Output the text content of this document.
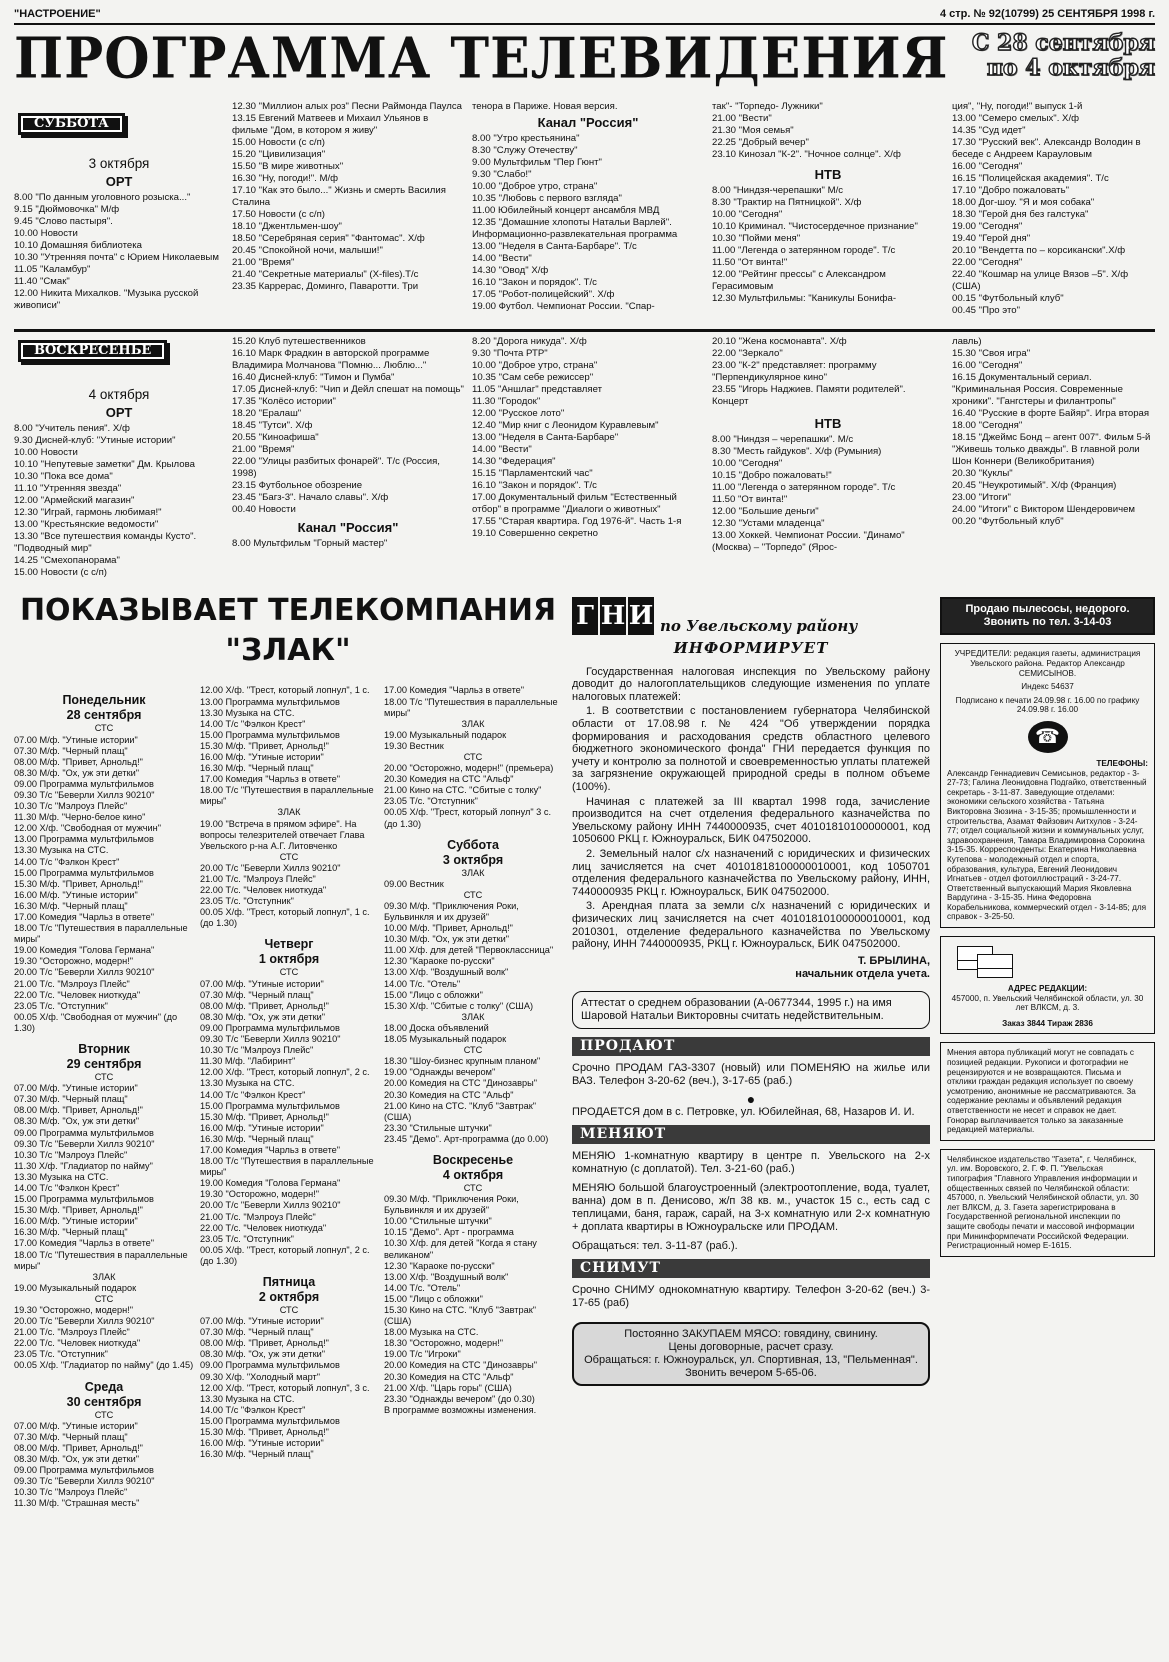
"НАСТРОЕНИЕ"	4 стр. № 92(10799) 25 СЕНТЯБРЯ 1998 г.
ПРОГРАММА ТЕЛЕВИДЕНИЯ С 28 сентября
по 4 октября
СУББОТА
3 октября
ОРТ
8.00 "По данным уголовного розыска..."
9.15 "Дюймовочка" М/ф
9.45 "Слово пастыря".
10.00 Новости
10.10 Домашняя библиотека
10.30 "Утренняя почта" с Юрием Николаевым
11.05 "Каламбур"
11.40 "Смак"
12.00 Никита Михалков. "Музыка русской живописи"
12.30 "Миллион алых роз" Песни Раймонда Паулса
13.15 Евгений Матвеев и Михаил Ульянов в фильме "Дом, в котором я живу"
15.00 Новости (с с/п)
15.20 "Цивилизация"
15.50 "В мире животных"
16.30 "Ну, погоди!". М/ф
17.10 "Как это было..." Жизнь и смерть Василия Сталина
17.50 Новости (с с/п)
18.10 "Джентльмен-шоу"
18.50 "Серебряная серия" "Фантомас". Х/ф
20.45 "Спокойной ночи, малыши!"
21.00 "Время"
21.40 "Секретные материалы" (X-files).Т/с
23.35 Каррерас, Доминго, Паваротти. Три
тенора в Париже. Новая версия.
Канал "Россия"
8.00 "Утро крестьянина"
8.30 "Служу Отечеству"
9.00 Мультфильм "Пер Гюнт"
9.30 "Слабо!"
10.00 "Доброе утро, страна"
10.35 "Любовь с первого взгляда"
11.00 Юбилейный концерт ансамбля МВД
12.35 "Домашние хлопоты Натальи Варлей". Информационно-развлекательная программа
13.00 "Неделя в Санта-Барбаре". Т/с
14.00 "Вести"
14.30 "Овод" Х/ф
16.10 "Закон и порядок". Т/с
17.05 "Робот-полицейский". Х/ф
19.00 Футбол. Чемпионат России. "Спар-
так"- "Торпедо- Лужники"
21.00 "Вести"
21.30 "Моя семья"
22.25 "Добрый вечер"
23.10 Кинозал "К-2". "Ночное солнце". Х/ф
НТВ
8.00 "Ниндзя-черепашки" М/с
8.30 "Трактир на Пятницкой". Х/ф
10.00 "Сегодня"
10.10 Криминал. "Чистосердечное признание"
10.30 "Пойми меня"
11.00 "Легенда о затерянном городе". Т/с
11.50 "От винта!"
12.00 "Рейтинг прессы" с Александром Герасимовым
12.30 Мультфильмы: "Каникулы Бонифа-
ция", "Ну, погоди!" выпуск 1-й
13.00 "Семеро смелых". Х/ф
14.35 "Суд идет"
17.30 "Русский век". Александр Володин в беседе с Андреем Карауловым
16.00 "Сегодня"
16.15 "Полицейская академия". Т/с
17.10 "Добро пожаловать"
18.00 Дог-шоу. "Я и моя собака"
18.30 "Герой дня без галстука"
19.00 "Сегодня"
19.40 "Герой дня"
20.10 "Вендетта по – корсикански".Х/ф
22.00 "Сегодня"
22.40 "Кошмар на улице Вязов –5". Х/ф (США)
00.15 "Футбольный клуб"
00.45 "Про это"
ВОСКРЕСЕНЬЕ
4 октября
ОРТ
8.00 "Учитель пения". Х/ф
9.30 Дисней-клуб: "Утиные истории"
10.00 Новости
10.10 "Непутевые заметки" Дм. Крылова
10.30 "Пока все дома"
11.10 "Утренняя звезда"
12.00 "Армейский магазин"
12.30 "Играй, гармонь любимая!"
13.00 "Крестьянские ведомости"
13.30 "Все путешествия команды Кусто". "Подводный мир"
14.25 "Смехопанорама"
15.00 Новости (с с/п)
15.20 Клуб путешественников
16.10 Марк Фрадкин в авторской программе Владимира Молчанова "Помню... Люблю..."
16.40 Дисней-клуб: "Тимон и Пумба"
17.05 Дисней-клуб: "Чип и Дейл спешат на помощь"
17.35 "Колёсо истории"
18.20 "Ералаш"
18.45 "Тутси". Х/ф
20.55 "Киноафиша"
21.00 "Время"
22.00 "Улицы разбитых фонарей". Т/с (Россия, 1998)
23.15 Футбольное обозрение
23.45 "Багз-3". Начало славы". Х/ф
00.40 Новости
Канал "Россия"
8.00 Мультфильм "Горный мастер"
8.20 "Дорога никуда". Х/ф
9.30 "Почта РТР"
10.00 "Доброе утро, страна"
10.35 "Сам себе режиссер"
11.05 "Аншлаг" представляет
11.30 "Городок"
12.00 "Русское лото"
12.40 "Мир книг с Леонидом Куравлевым"
13.00 "Неделя в Санта-Барбаре"
14.00 "Вести"
14.30 "Федерация"
15.15 "Парламентский час"
16.10 "Закон и порядок". Т/с
17.00 Документальный фильм "Естественный отбор" в программе "Диалоги о животных"
17.55 "Старая квартира. Год 1976-й". Часть 1-я
19.10 Совершенно секретно
20.10 "Жена космонавта". Х/ф
22.00 "Зеркало"
23.00 "К-2" представляет: программу "Перпендикулярное кино"
23.55 "Игорь Наджиев. Памяти родителей". Концерт
НТВ
8.00 "Ниндзя – черепашки". М/с
8.30 "Месть гайдуков". Х/ф (Румыния)
10.00 "Сегодня"
10.15 "Добро пожаловать!"
11.00 "Легенда о затерянном городе". Т/с
11.50 "От винта!"
12.00 "Большие деньги"
12.30 "Устами младенца"
13.00 Хоккей. Чемпионат России. "Динамо" (Москва) – "Торпедо" (Ярос-
лавль)
15.30 "Своя игра"
16.00 "Сегодня"
16.15 Документальный сериал. "Криминальная Россия. Современные хроники". "Гангстеры и филантропы"
16.40 "Русские в форте Байяр". Игра вторая
18.00 "Сегодня"
18.15 "Джеймс Бонд – агент 007". Фильм 5-й "Живешь только дважды". В главной роли Шон Коннери (Великобритания)
20.30 "Куклы"
20.45 "Неукротимый". Х/ф (Франция)
23.00 "Итоги"
24.00 "Итоги" с Виктором Шендеровичем
00.20 "Футбольный клуб"
ПОКАЗЫВАЕТ ТЕЛЕКОМПАНИЯ
"ЗЛАК"
Понедельник
28 сентября
СТС
07.00 М/ф. "Утиные истории"
07.30 М/ф. "Черный плащ"
08.00 М/ф. "Привет, Арнольд!"
08.30 М/ф. "Ох, уж эти детки"
09.00 Программа мультфильмов
09.30 Т/с "Беверли Хиллз 90210"
10.30 Т/с "Мэлроуз Плейс"
11.30 М/ф. "Черно-белое кино"
12.00 Х/ф. "Свободная от мужчин"
13.00 Программа мультфильмов
13.30 Музыка на СТС.
14.00 Т/с "Фэлкон Крест"
15.00 Программа мультфильмов
15.30 М/ф. "Привет, Арнольд!"
16.00 М/ф. "Утиные истории"
16.30 М/ф. "Черный плащ"
17.00 Комедия "Чарльз в ответе"
18.00 Т/с "Путешествия в параллельные миры"
19.00 Комедия "Голова Германа"
19.30 "Осторожно, модерн!"
20.00 Т/с "Беверли Хиллз 90210"
21.00 Т/с. "Мэлроуз Плейс"
22.00 Т/с. "Человек ниоткуда"
23.05 Т/с. "Отступник"
00.05 Х/ф. "Свободная от мужчин" (до 1.30)
Вторник
29 сентября
СТС
07.00 М/ф. "Утиные истории"
07.30 М/ф. "Черный плащ"
08.00 М/ф. "Привет, Арнольд!"
08.30 М/ф. "Ох, уж эти детки"
09.00 Программа мультфильмов
09.30 Т/с "Беверли Хиллз 90210"
10.30 Т/с "Мэлроуз Плейс"
11.30 Х/ф. "Гладиатор по найму"
13.30 Музыка на СТС.
14.00 Т/с "Фэлкон Крест"
15.00 Программа мультфильмов
15.30 М/ф. "Привет, Арнольд!"
16.00 М/ф. "Утиные истории"
16.30 М/ф. "Черный плащ"
17.00 Комедия "Чарльз в ответе"
18.00 Т/с "Путешествия в параллельные миры"
ЗЛАК
19.00 Музыкальный подарок
СТС
19.30 "Осторожно, модерн!"
20.00 Т/с "Беверли Хиллз 90210"
21.00 Т/с. "Мэлроуз Плейс"
22.00 Т/с. "Человек ниоткуда"
23.05 Т/с. "Отступник"
00.05 Х/ф. "Гладиатор по найму" (до 1.45)
Среда
30 сентября
СТС
07.00 М/ф. "Утиные истории"
07.30 М/ф. "Черный плащ"
08.00 М/ф. "Привет, Арнольд!"
08.30 М/ф. "Ох, уж эти детки"
09.00 Программа мультфильмов
09.30 Т/с "Беверли Хиллз 90210"
10.30 Т/с "Мэлроуз Плейс"
11.30 М/ф. "Страшная месть"
12.00 Х/ф. "Трест, который лопнул", 1 с.
13.00 Программа мультфильмов
13.30 Музыка на СТС.
14.00 Т/с "Фэлкон Крест"
15.00 Программа мультфильмов
15.30 М/ф. "Привет, Арнольд!"
16.00 М/ф. "Утиные истории"
16.30 М/ф. "Черный плащ"
17.00 Комедия "Чарльз в ответе"
18.00 Т/с "Путешествия в параллельные миры"
ЗЛАК
19.00 "Встреча в прямом эфире". На вопросы телезрителей отвечает Глава Увельского р-на А.Г. Литовченко
СТС
20.00 Т/с "Беверли Хиллз 90210"
21.00 Т/с. "Мэлроуз Плейс"
22.00 Т/с. "Человек ниоткуда"
23.05 Т/с. "Отступник"
00.05 Х/ф. "Трест, который лопнул", 1 с.
(до 1.30)
Четверг
1 октября
СТС
07.00 М/ф. "Утиные истории"
07.30 М/ф. "Черный плащ"
08.00 М/ф. "Привет, Арнольд!"
08.30 М/ф. "Ох, уж эти детки"
09.00 Программа мультфильмов
09.30 Т/с "Беверли Хиллз 90210"
10.30 Т/с "Мэлроуз Плейс"
11.30 М/ф. "Лабиринт"
12.00 Х/ф. "Трест, который лопнул", 2 с.
13.30 Музыка на СТС.
14.00 Т/с "Фэлкон Крест"
15.00 Программа мультфильмов
15.30 М/ф. "Привет, Арнольд!"
16.00 М/ф. "Утиные истории"
16.30 М/ф. "Черный плащ"
17.00 Комедия "Чарльз в ответе"
18.00 Т/с "Путешествия в параллельные миры"
19.00 Комедия "Голова Германа"
19.30 "Осторожно, модерн!"
20.00 Т/с "Беверли Хиллз 90210"
21.00 Т/с. "Мэлроуз Плейс"
22.00 Т/с. "Человек ниоткуда"
23.05 Т/с. "Отступник"
00.05 Х/ф. "Трест, который лопнул", 2 с.
(до 1.30)
Пятница
2 октября
СТС
07.00 М/ф. "Утиные истории"
07.30 М/ф. "Черный плащ"
08.00 М/ф. "Привет, Арнольд!"
08.30 М/ф. "Ох, уж эти детки"
09.00 Программа мультфильмов
09.30 Х/ф. "Холодный март"
12.00 Х/ф. "Трест, который лопнул", 3 с.
13.30 Музыка на СТС.
14.00 Т/с "Фэлкон Крест"
15.00 Программа мультфильмов
15.30 М/ф. "Привет, Арнольд!"
16.00 М/ф. "Утиные истории"
16.30 М/ф. "Черный плащ"
17.00 Комедия "Чарльз в ответе"
18.00 Т/с "Путешествия в параллельные миры"
ЗЛАК
19.00 Музыкальный подарок
19.30 Вестник
СТС
20.00 "Осторожно, модерн!" (премьера)
20.30 Комедия на СТС "Альф"
21.00 Кино на СТС. "Сбитые с толку"
23.05 Т/с. "Отступник"
00.05 Х/ф. "Трест, который лопнул" 3 с. (до 1.30)
Суббота
3 октября
ЗЛАК
09.00 Вестник
СТС
09.30 М/ф. "Приключения Роки, Бульвинкля и их друзей"
10.00 М/ф. "Привет, Арнольд!"
10.30 М/ф. "Ох, уж эти детки"
11.00 Х/ф. для детей "Первоклассница"
12.30 "Караоке по-русски"
13.00 Х/ф. "Воздушный волк"
14.00 Т/с. "Отель"
15.00 "Лицо с обложки"
15.30 Х/ф. "Сбитые с толку" (США)
ЗЛАК
18.00 Доска объявлений
18.05 Музыкальный подарок
СТС
18.30 "Шоу-бизнес крупным планом"
19.00 "Однажды вечером"
20.00 Комедия на СТС "Динозавры"
20.30 Комедия на СТС "Альф"
21.00 Кино на СТС. "Клуб "Завтрак" (США)
23.30 "Стильные штучки"
23.45 "Демо". Арт-программа (до 0.00)
Воскресенье
4 октября
СТС
09.30 М/ф. "Приключения Роки, Бульвинкля и их друзей"
10.00 "Стильные штучки"
10.15 "Демо". Арт - программа
10.30 Х/ф. для детей "Когда я стану великаном"
12.30 "Караоке по-русски"
13.00 Х/ф. "Воздушный волк"
14.00 Т/с. "Отель"
15.00 "Лицо с обложки"
15.30 Кино на СТС. "Клуб "Завтрак" (США)
18.00 Музыка на СТС.
18.30 "Осторожно, модерн!"
19.00 Т/с "Игроки"
20.00 Комедия на СТС "Динозавры"
20.30 Комедия на СТС "Альф"
21.00 Х/ф. "Царь горы" (США)
23.30 "Однажды вечером" (до 0.30)
В программе возможны изменения.
Г Н И по Увельскому району
ИНФОРМИРУЕТ

Государственная налоговая инспекция по Увельскому району доводит до налогоплательщиков следующие изменения по уплате налоговых платежей:

1. В соответствии с постановлением губернатора Челябинской области от 17.08.98 г. № 424 "Об утверждении порядка формирования и расходования средств областного целевого бюджетного экономического фонда" ГНИ передается функция по учету и контролю за полнотой и своевременностью уплаты платежей за загрязнение окружающей природной среды в полном объеме (100%).

Начиная с платежей за III квартал 1998 года, зачисление производится на счет отделения федерального казначейства по Увельскому району ИНН 7440000935, счет 40101810100000001, код 1050600 РКЦ г. Южноуральск, БИК 047502000.

2. Земельный налог с/х назначений с юридических и физических лиц зачисляется на счет 40101818100000010001, код 1050701 отделения федерального казначейства по Увельскому району, ИНН, 7440000935 РКЦ г. Южноуральск, БИК 047502000.

3. Арендная плата за земли с/х назначений с юридических и физических лиц зачисляется на счет 40101810100000010001, код 2010301, отделение федерального казначейства по Увельскому району, ИНН 7440000935, РКЦ г. Южноуральск, БИК 047502000.

Т. БРЫЛИНА,
начальник отдела учета.
Аттестат о среднем образовании (А-0677344, 1995 г.) на имя Шаровой Натальи Викторовны считать недействительным.
ПРОДАЮТ
Срочно ПРОДАМ ГАЗ-3307 (новый) или ПОМЕНЯЮ на жилье или ВАЗ. Телефон 3-20-62 (веч.), 3-17-65 (раб.)
●
ПРОДАЕТСЯ дом в с. Петровке, ул. Юбилейная, 68, Назаров И. И.
МЕНЯЮТ
МЕНЯЮ 1-комнатную квартиру в центре п. Увельского на 2-х комнатную (с доплатой). Тел. 3-21-60 (раб.)
МЕНЯЮ большой благоустроенный (электроотопление, вода, туалет, ванна) дом в п. Денисово, ж/п 38 кв. м., участок 15 с., есть сад с теплицами, баня, гараж, сарай, на 3-х комнатную или 2-х комнатную + доплата квартиры в Южноуральске или ПРОДАМ.
Обращаться: тел. 3-11-87 (раб.).
СНИМУТ
Срочно СНИМУ однокомнатную квартиру. Телефон 3-20-62 (веч.) 3-17-65 (раб)
Постоянно ЗАКУПАЕМ МЯСО: говядину, свинину.
Цены договорные, расчет сразу.
Обращаться: г. Южноуральск, ул. Спортивная, 13, "Пельменная". Звонить вечером 5-65-06.
Продаю пылесосы, недорого. Звонить по тел. 3-14-03
УЧРЕДИТЕЛИ: редакция газеты, администрация Увельского района. Редактор Александр СЕМИСЫНОВ.
Индекс 54637
Подписано к печати 24.09.98 г. 16.00 по графику 24.09.98 г. 16.00
☎
ТЕЛЕФОНЫ:
Александр Геннадиевич Семисынов, редактор - 3-27-73; Галина Леонидовна Подгайко, ответственный секретарь - 3-11-87. Заведующие отделами: экономики сельского хозяйства - Татьяна Викторовна Зюзина - 3-15-35; промышленности и строительства, Азамат Файзович Аитхулов - 3-24-77; отдел социальной жизни и коммунальных услуг, здравоохранения, Тамара Владимировна Сорокина 3-15-35. Корреспонденты: Екатерина Николаевна Кутепова - молодежный отдел и спорта, образования, культура, Евгений Леонидович Игнатьев - отдел фотоиллюстраций - 3-24-77. Ответственный выпускающий Мария Яковлевна Вардугина - 3-15-35. Нина Федоровна Корабельникова, коммерческий отдел - 3-14-85; для справок - 3-25-50.
АДРЕС РЕДАКЦИИ:
457000, п. Увельский Челябинской области, ул. 30 лет ВЛКСМ, д. 3.
Заказ 3844 Тираж 2836
Мнения автора публикаций могут не совпадать с позицией редакции. Рукописи и фотографии не рецензируются и не возвращаются. Письма и отклики граждан редакция использует по своему усмотрению, анонимные не рассматриваются. За содержание рекламы и объявлений редакция ответственности не несет и справок не дает. Гонорар выплачивается только за заказанные редакцией материалы.
Челябинское издательство "Газета", г. Челябинск, ул. им. Воровского, 2. Г. Ф. П. "Увельская типография "Главного Управления информации и общественных связей по Челябинской области: 457000, п. Увельский Челябинской области, ул. 30 лет ВЛКСМ, д. 3. Газета зарегистрирована в Государственной региональной инспекции по защите свободы печати и массовой информации при Мининформпечати Российской Федерации. Регистрационный номер Е-1615.
